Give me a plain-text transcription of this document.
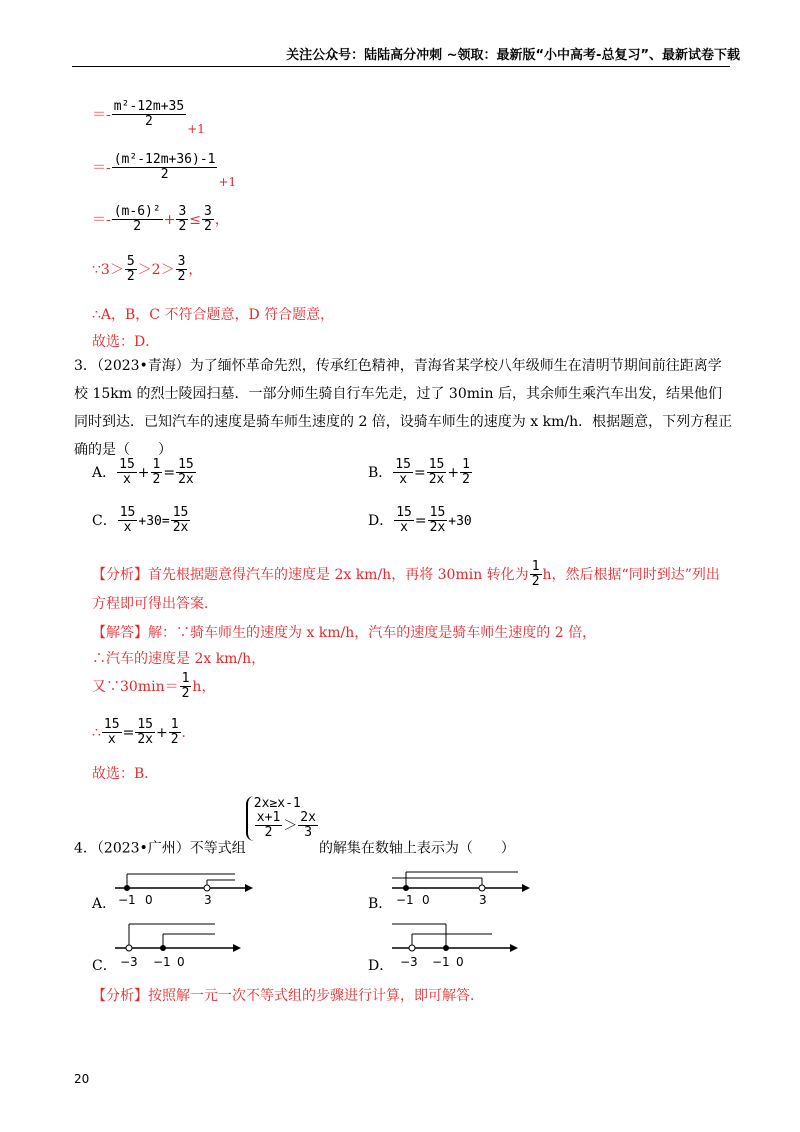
关注公众号：陆陆高分冲刺 ~领取：最新版“小中高考-总复习”、最新试卷下载
＝- $\frac{\text{m²-12m+35}}{2} +1$
＝- $\frac{\text{(m²-12m+36)-1}}{2} +1$
＝- $\frac{\text{(m-6)²}}{2} + \frac{3}{2} \le \frac{3}{2}$ ，
∵3＞ $\frac{5}{2} >2> \frac{3}{2}$ ，
∴A，B，C 不符合题意，D 符合题意，
故选：D．
3．（2023•青海）为了缅怀革命先烈，传承红色精神，青海省某学校八年级师生在清明节期间前往距离学校 15km 的烈士陵园扫墓．一部分师生骑自行车先走，过了 30min 后，其余师生乘汽车出发，结果他们同时到达．已知汽车的速度是骑车师生速度的 2 倍，设骑车师生的速度为 x km/h．根据题意，下列方程正确的是（　　）
A． $\frac{15}{x} + \frac{1}{2} = \frac{15}{2x}$	B． $\frac{15}{x} = \frac{15}{2x} + \frac{1}{2}$
C． $\frac{15}{x} +30= \frac{15}{2x}$	D． $\frac{15}{x} = \frac{15}{2x} +30$
【分析】首先根据题意得汽车的速度是 2x km/h，再将 30min 转化为 $\frac{1}{2}$ h，然后根据“同时到达”列出方程即可得出答案．
【解答】解：∵骑车师生的速度为 x km/h，汽车的速度是骑车师生速度的 2 倍，
∴汽车的速度是 2x km/h，
又∵30min＝ $\frac{1}{2}$ h，
∴ $\frac{15}{x} = \frac{15}{2x} + \frac{1}{2}$ ．
故选：B．
4．（2023•广州）不等式组
2x≥x-1
$\frac{x+1}{2} > \frac{2x}{3}$
的解集在数轴上表示为（　　）
A． −1 0	3	B． −1 0	3
C． −3 −1 0	D． −3 −1 0
【分析】按照解一元一次不等式组的步骤进行计算，即可解答．
20
